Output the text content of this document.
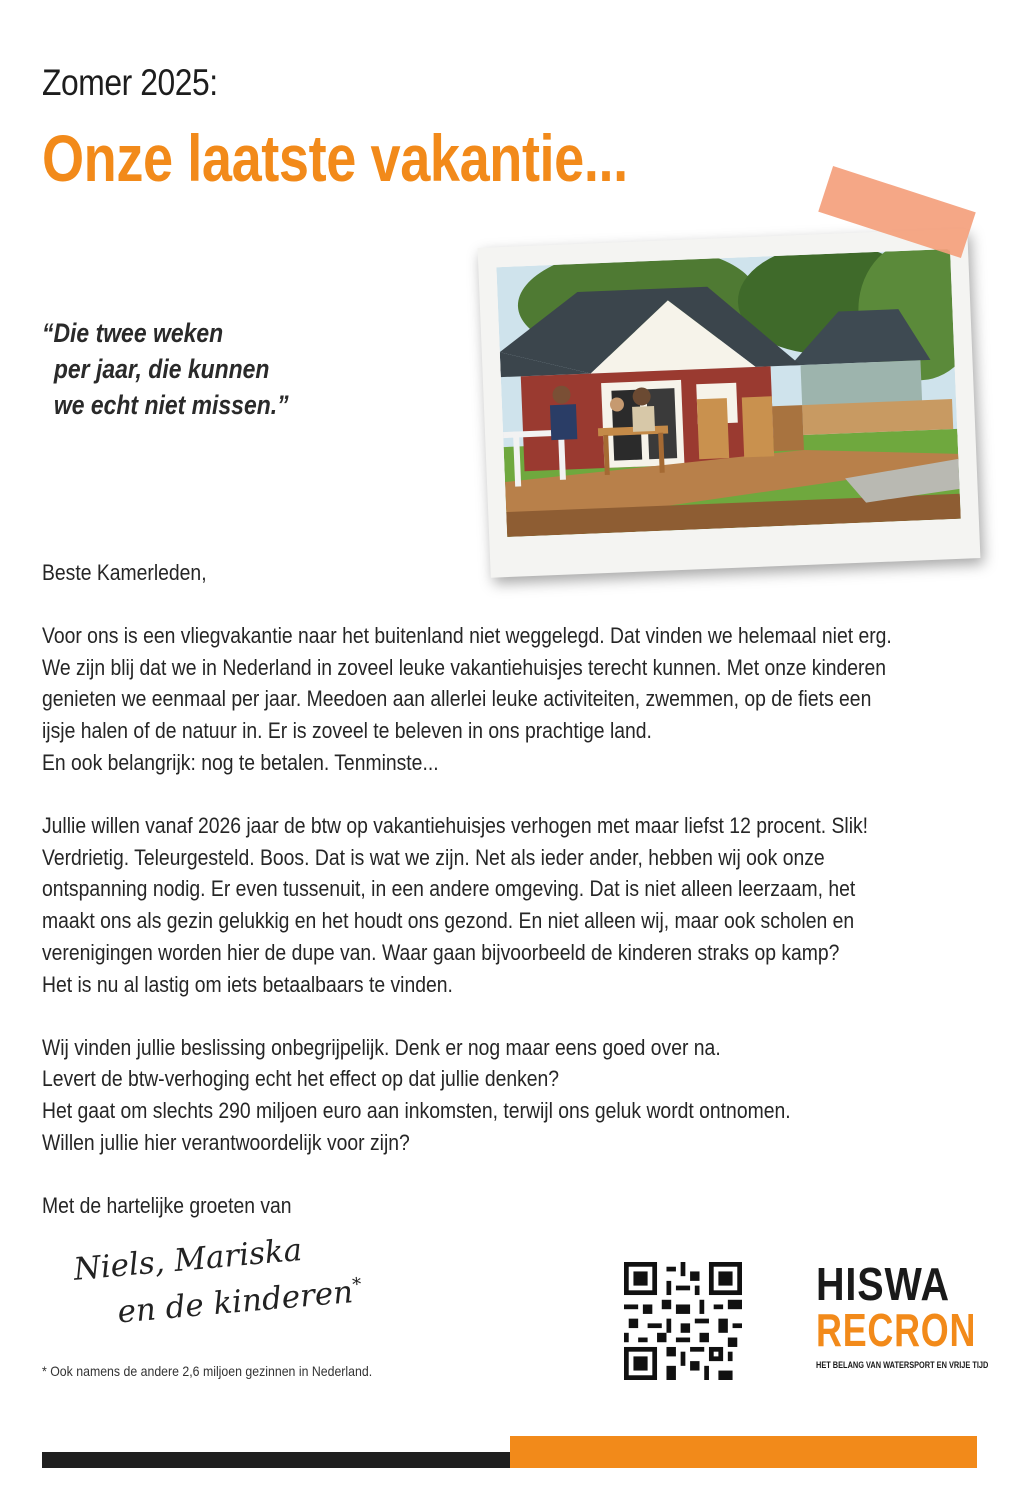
Zomer 2025:
Onze laatste vakantie...
“Die twee weken
per jaar, die kunnen
we echt niet missen.”

Beste Kamerleden,

Voor ons is een vliegvakantie naar het buitenland niet weggelegd. Dat vinden we helemaal niet erg.

We zijn blij dat we in Nederland in zoveel leuke vakantiehuisjes terecht kunnen. Met onze kinderen

genieten we eenmaal per jaar. Meedoen aan allerlei leuke activiteiten, zwemmen, op de fiets een

ijsje halen of de natuur in. Er is zoveel te beleven in ons prachtige land.

En ook belangrijk: nog te betalen. Tenminste...

Jullie willen vanaf 2026 jaar de btw op vakantiehuisjes verhogen met maar liefst 12 procent. Slik!

Verdrietig. Teleurgesteld. Boos. Dat is wat we zijn. Net als ieder ander, hebben wij ook onze

ontspanning nodig. Er even tussenuit, in een andere omgeving. Dat is niet alleen leerzaam, het

maakt ons als gezin gelukkig en het houdt ons gezond. En niet alleen wij, maar ook scholen en

verenigingen worden hier de dupe van. Waar gaan bijvoorbeeld de kinderen straks op kamp?

Het is nu al lastig om iets betaalbaars te vinden.

Wij vinden jullie beslissing onbegrijpelijk. Denk er nog maar eens goed over na.

Levert de btw-verhoging echt het effect op dat jullie denken?

Het gaat om slechts 290 miljoen euro aan inkomsten, terwijl ons geluk wordt ontnomen.

Willen jullie hier verantwoordelijk voor zijn?

Met de hartelijke groeten van

Niels, Mariska
en de kinderen*
* Ook namens de andere 2,6 miljoen gezinnen in Nederland.
HISWA
RECRON
HET BELANG VAN WATERSPORT EN VRIJE TIJD
